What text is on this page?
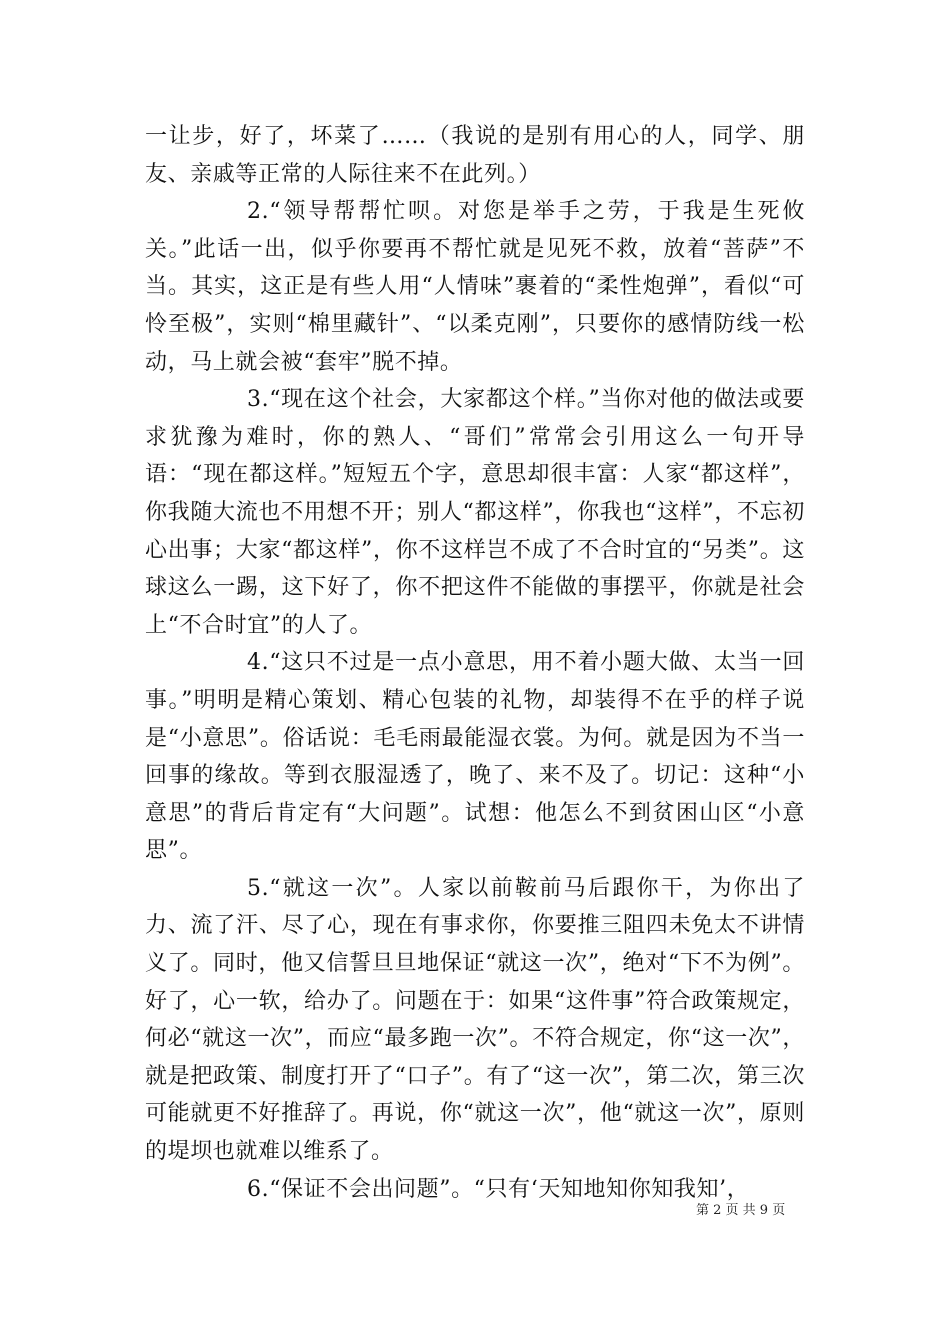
一让步，好了，坏菜了……（我说的是别有用心的人，同学、朋友、亲戚等正常的人际往来不在此列。）

2.“领导帮帮忙呗。对您是举手之劳，于我是生死攸关。”此话一出，似乎你要再不帮忙就是见死不救，放着“菩萨”不当。其实，这正是有些人用“人情味”裹着的“柔性炮弹”，看似“可怜至极”，实则“棉里藏针”、“以柔克刚”，只要你的感情防线一松动，马上就会被“套牢”脱不掉。

3.“现在这个社会，大家都这个样。”当你对他的做法或要求犹豫为难时，你的熟人、“哥们”常常会引用这么一句开导语：“现在都这样。”短短五个字，意思却很丰富：人家“都这样”，你我随大流也不用想不开；别人“都这样”，你我也“这样”，不忘初心出事；大家“都这样”，你不这样岂不成了不合时宜的“另类”。这球这么一踢，这下好了，你不把这件不能做的事摆平，你就是社会上“不合时宜”的人了。

4.“这只不过是一点小意思，用不着小题大做、太当一回事。”明明是精心策划、精心包装的礼物，却装得不在乎的样子说是“小意思”。俗话说：毛毛雨最能湿衣裳。为何。就是因为不当一回事的缘故。等到衣服湿透了，晚了、来不及了。切记：这种“小意思”的背后肯定有“大问题”。试想：他怎么不到贫困山区“小意思”。

5.“就这一次”。人家以前鞍前马后跟你干，为你出了力、流了汗、尽了心，现在有事求你，你要推三阻四未免太不讲情义了。同时，他又信誓旦旦地保证“就这一次”，绝对“下不为例”。好了，心一软，给办了。问题在于：如果“这件事”符合政策规定，何必“就这一次”，而应“最多跑一次”。不符合规定，你“这一次”，就是把政策、制度打开了“口子”。有了“这一次”，第二次，第三次可能就更不好推辞了。再说，你“就这一次”，他“就这一次”，原则的堤坝也就难以维系了。

6.“保证不会出问题”。“只有‘天知地知你知我知’，

第 2 页 共 9 页
